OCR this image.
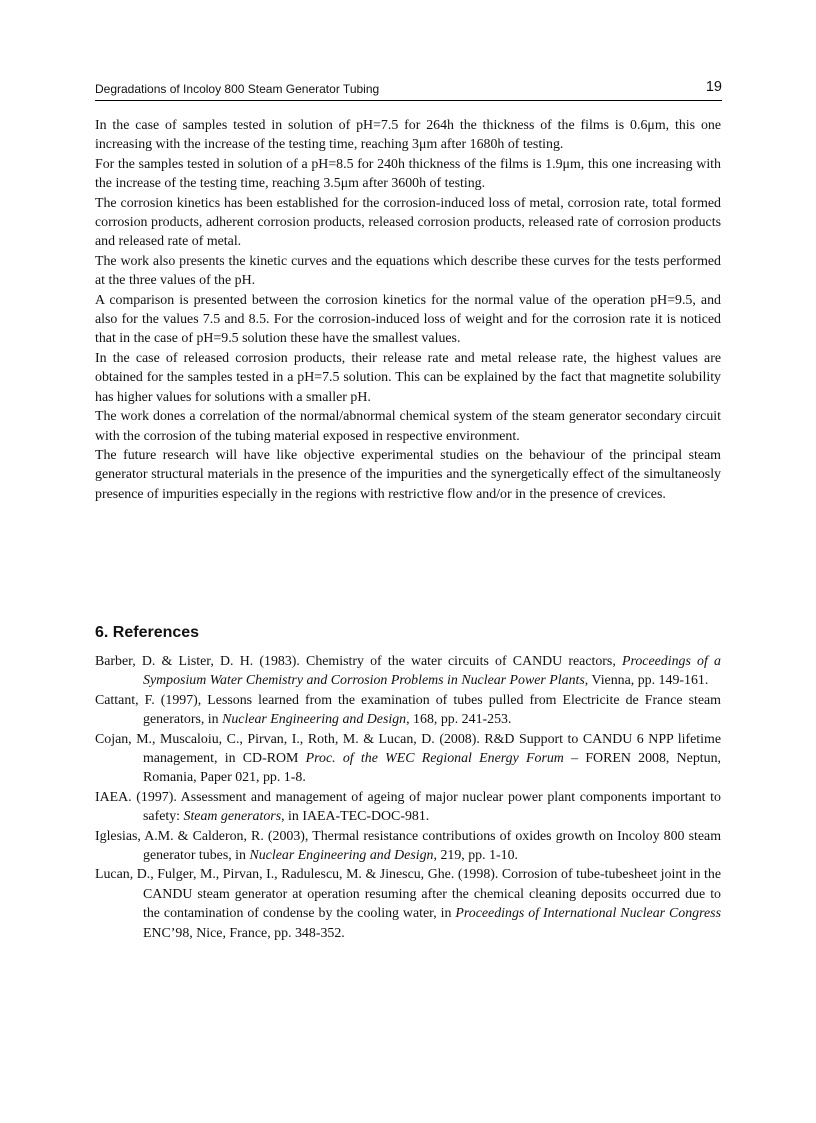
Degradations of Incoloy 800 Steam Generator Tubing	19

In the case of samples tested in solution of pH=7.5 for 264h the thickness of the films is 0.6μm, this one increasing with the increase of the testing time, reaching 3μm after 1680h of testing.

For the samples tested in solution of a pH=8.5 for 240h thickness of the films is 1.9μm, this one increasing with the increase of the testing time, reaching 3.5μm after 3600h of testing.

The corrosion kinetics has been established for the corrosion-induced loss of metal, corrosion rate, total formed corrosion products, adherent corrosion products, released corrosion products, released rate of corrosion products and released rate of metal.

The work also presents the kinetic curves and the equations which describe these curves for the tests performed at the three values of the pH.

A comparison is presented between the corrosion kinetics for the normal value of the operation pH=9.5, and also for the values 7.5 and 8.5. For the corrosion-induced loss of weight and for the corrosion rate it is noticed that in the case of pH=9.5 solution these have the smallest values.

In the case of released corrosion products, their release rate and metal release rate, the highest values are obtained for the samples tested in a pH=7.5 solution. This can be explained by the fact that magnetite solubility has higher values for solutions with a smaller pH.

The work dones a correlation of the normal/abnormal chemical system of the steam generator secondary circuit with the corrosion of the tubing material exposed in respective environment.

The future research will have like objective experimental studies on the behaviour of the principal steam generator structural materials in the presence of the impurities and the synergetically effect of the simultaneosly presence of impurities especially in the regions with restrictive flow and/or in the presence of crevices.

6. References

Barber, D. & Lister, D. H. (1983). Chemistry of the water circuits of CANDU reactors, Proceedings of a Symposium Water Chemistry and Corrosion Problems in Nuclear Power Plants, Vienna, pp. 149-161.

Cattant, F. (1997), Lessons learned from the examination of tubes pulled from Electricite de France steam generators, in Nuclear Engineering and Design, 168, pp. 241-253.

Cojan, M., Muscaloiu, C., Pirvan, I., Roth, M. & Lucan, D. (2008). R&D Support to CANDU 6 NPP lifetime management, in CD-ROM Proc. of the WEC Regional Energy Forum – FOREN 2008, Neptun, Romania, Paper 021, pp. 1-8.

IAEA. (1997). Assessment and management of ageing of major nuclear power plant components important to safety: Steam generators, in IAEA-TEC-DOC-981.

Iglesias, A.M. & Calderon, R. (2003), Thermal resistance contributions of oxides growth on Incoloy 800 steam generator tubes, in Nuclear Engineering and Design, 219, pp. 1-10.

Lucan, D., Fulger, M., Pirvan, I., Radulescu, M. & Jinescu, Ghe. (1998). Corrosion of tube-tubesheet joint in the CANDU steam generator at operation resuming after the chemical cleaning deposits occurred due to the contamination of condense by the cooling water, in Proceedings of International Nuclear Congress ENC’98, Nice, France, pp. 348-352.
